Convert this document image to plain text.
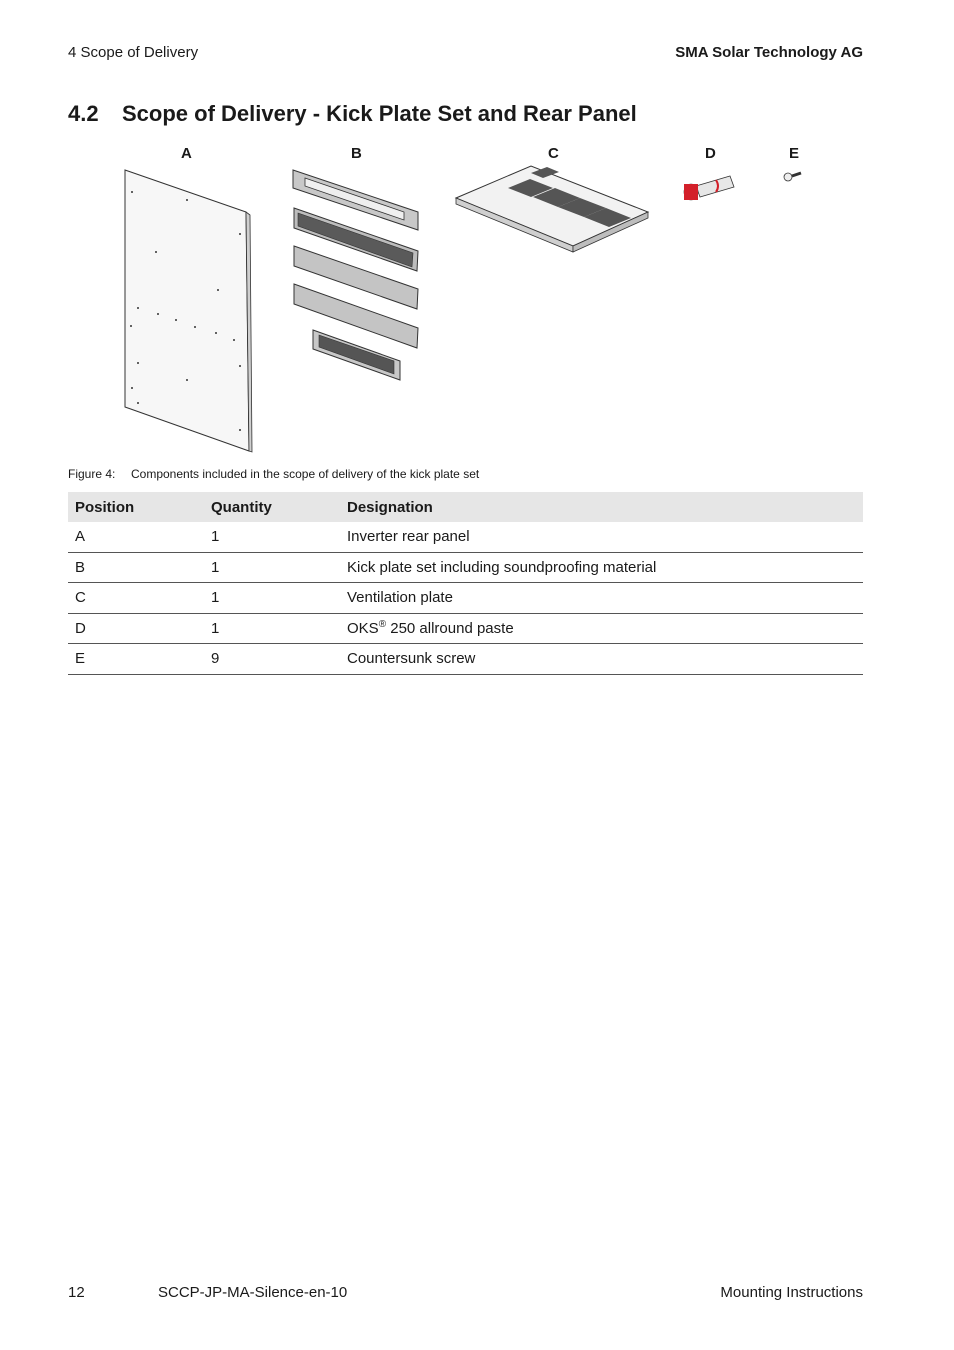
4 Scope of Delivery	SMA Solar Technology AG
4.2 Scope of Delivery - Kick Plate Set and Rear Panel
A	B	C	D	E
Figure 4: Components included in the scope of delivery of the kick plate set
Position	Quantity	Designation
A	1	Inverter rear panel
B	1	Kick plate set including soundproofing material
C	1	Ventilation plate
D	1	OKS® 250 allround paste
E	9	Countersunk screw
12	SCCP-JP-MA-Silence-en-10	Mounting Instructions
